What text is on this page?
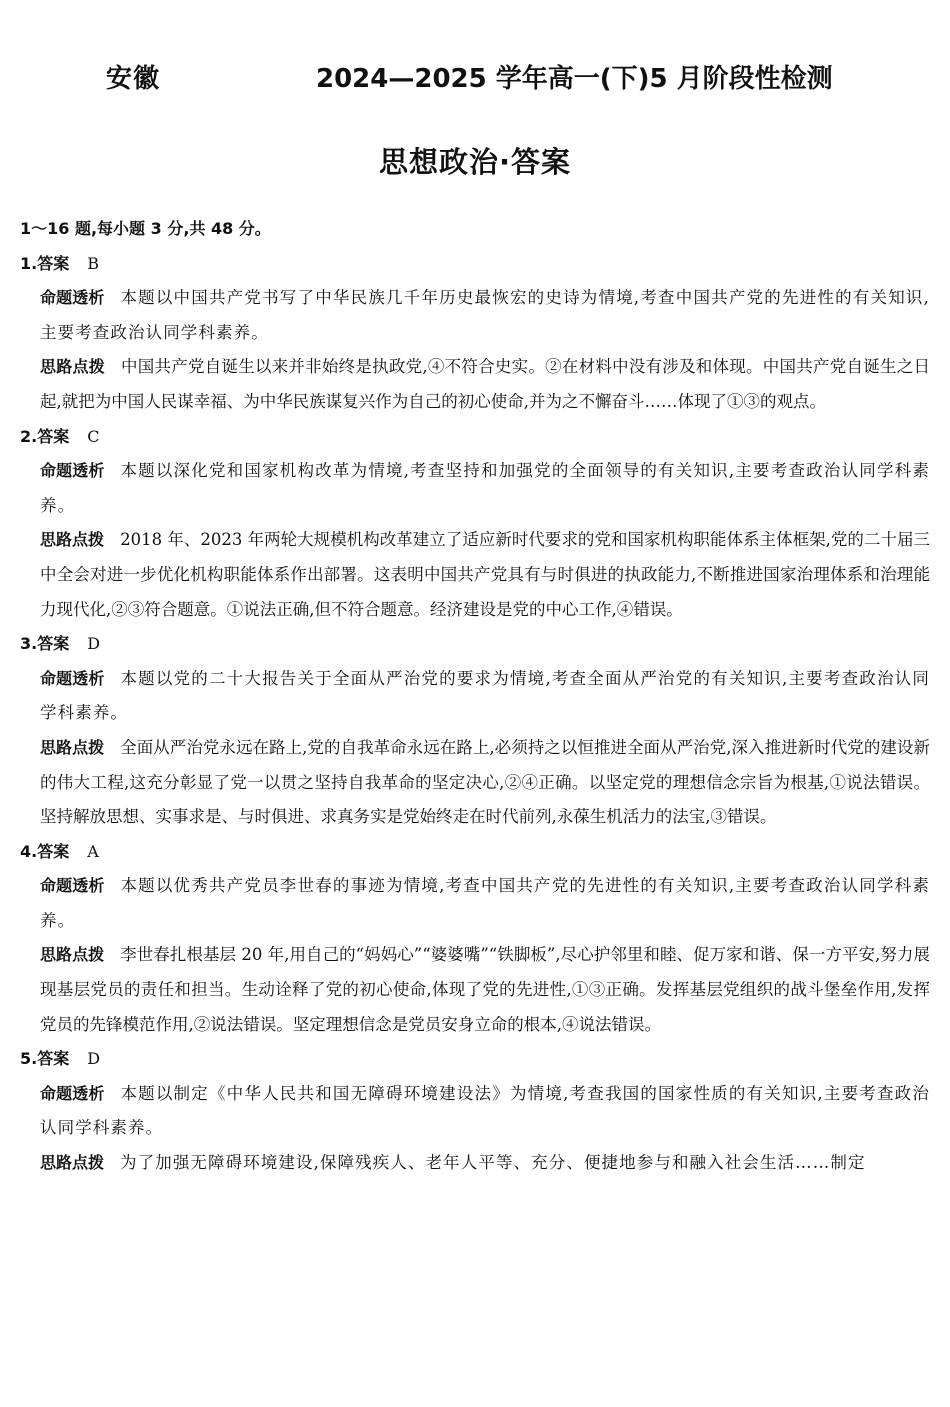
安徽	2024—2025 学年高一(下)5 月阶段性检测
思想政治·答案
1～16 题,每小题 3 分,共 48 分。
1.答案 B
命题透析 本题以中国共产党书写了中华民族几千年历史最恢宏的史诗为情境,考查中国共产党的先进性的有关知识,主要考查政治认同学科素养。
思路点拨 中国共产党自诞生以来并非始终是执政党,④不符合史实。②在材料中没有涉及和体现。中国共产党自诞生之日起,就把为中国人民谋幸福、为中华民族谋复兴作为自己的初心使命,并为之不懈奋斗……体现了①③的观点。
2.答案 C
命题透析 本题以深化党和国家机构改革为情境,考查坚持和加强党的全面领导的有关知识,主要考查政治认同学科素养。
思路点拨 2018 年、2023 年两轮大规模机构改革建立了适应新时代要求的党和国家机构职能体系主体框架,党的二十届三中全会对进一步优化机构职能体系作出部署。这表明中国共产党具有与时俱进的执政能力,不断推进国家治理体系和治理能力现代化,②③符合题意。①说法正确,但不符合题意。经济建设是党的中心工作,④错误。
3.答案 D
命题透析 本题以党的二十大报告关于全面从严治党的要求为情境,考查全面从严治党的有关知识,主要考查政治认同学科素养。
思路点拨 全面从严治党永远在路上,党的自我革命永远在路上,必须持之以恒推进全面从严治党,深入推进新时代党的建设新的伟大工程,这充分彰显了党一以贯之坚持自我革命的坚定决心,②④正确。以坚定党的理想信念宗旨为根基,①说法错误。坚持解放思想、实事求是、与时俱进、求真务实是党始终走在时代前列,永葆生机活力的法宝,③错误。
4.答案 A
命题透析 本题以优秀共产党员李世春的事迹为情境,考查中国共产党的先进性的有关知识,主要考查政治认同学科素养。
思路点拨 李世春扎根基层 20 年,用自己的“妈妈心”“婆婆嘴”“铁脚板”,尽心护邻里和睦、促万家和谐、保一方平安,努力展现基层党员的责任和担当。生动诠释了党的初心使命,体现了党的先进性,①③正确。发挥基层党组织的战斗堡垒作用,发挥党员的先锋模范作用,②说法错误。坚定理想信念是党员安身立命的根本,④说法错误。
5.答案 D
命题透析 本题以制定《中华人民共和国无障碍环境建设法》为情境,考查我国的国家性质的有关知识,主要考查政治认同学科素养。
思路点拨 为了加强无障碍环境建设,保障残疾人、老年人平等、充分、便捷地参与和融入社会生活……制定
